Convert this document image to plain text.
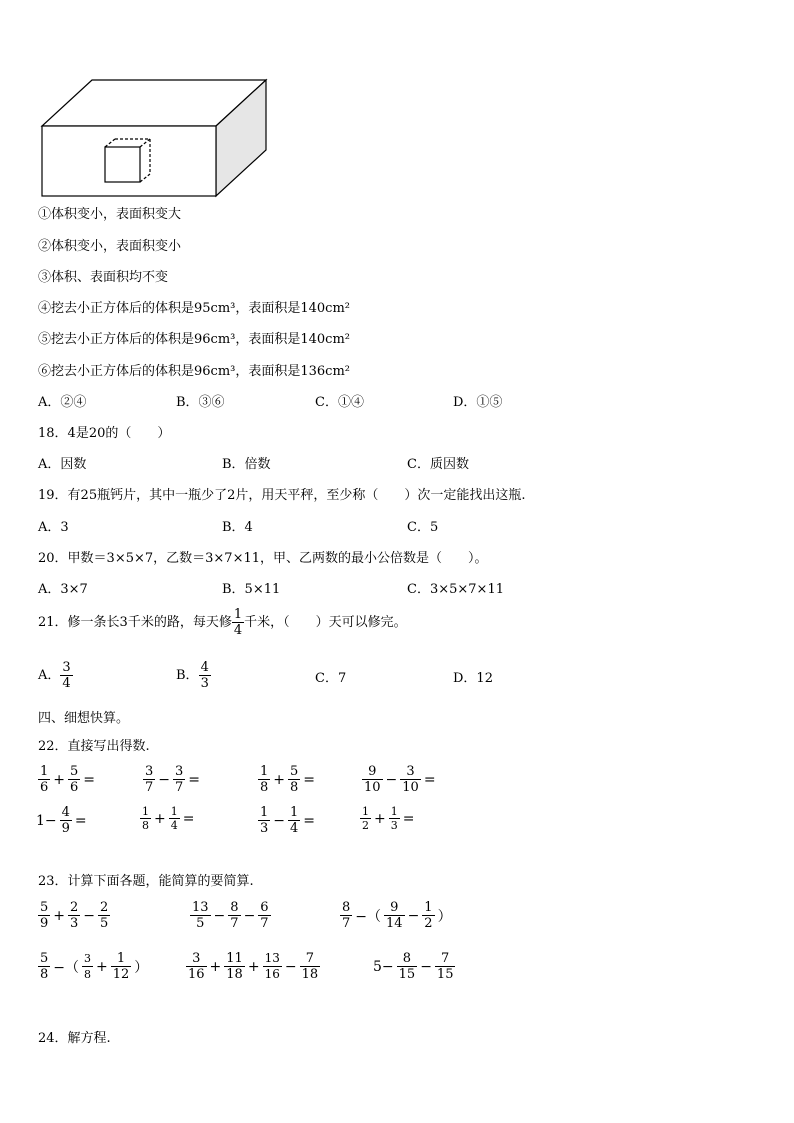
①体积变小，表面积变大
②体积变小，表面积变小
③体积、表面积均不变
④挖去小正方体后的体积是95cm³，表面积是140cm²
⑤挖去小正方体后的体积是96cm³，表面积是140cm²
⑥挖去小正方体后的体积是96cm³，表面积是136cm²
A．②④	B．③⑥	C．①④	D．①⑤
18．4是20的（　　）
A．因数	B．倍数	C．质因数
19．有25瓶钙片，其中一瓶少了2片，用天平秤，至少称（　　）次一定能找出这瓶.
A．3	B．4	C．5
20．甲数＝3×5×7，乙数＝3×7×11，甲、乙两数的最小公倍数是（　　）。
A．3×7	B．5×11	C．3×5×7×11
21．修一条长3千米的路，每天修 $\frac{1}{4}$ 千米，（　　）天可以修完。
A． $\frac{3}{4}$	B． $\frac{4}{3}$	C．7	D．12
四、细想快算。
22．直接写出得数.
$\frac{1}{6} + \frac{5}{6}$ =	$\frac{3}{7} - \frac{3}{7}$ =	$\frac{1}{8} + \frac{5}{8}$ =	$\frac{9}{10} - \frac{3}{10}$ =
$1- \frac{4}{9}$ =	$\frac{1}{8} + \frac{1}{4}$ =	$\frac{1}{3} - \frac{1}{4}$ =	$\frac{1}{2} + \frac{1}{3}$ =
23．计算下面各题，能简算的要简算.
$\frac{5}{9} + \frac{2}{3} - \frac{2}{5}$	$\frac{13}{5} - \frac{8}{7} - \frac{6}{7}$	$\frac{8}{7}$ −（ $\frac{9}{14} - \frac{1}{2}$ ）
$\frac{5}{8}$ −（ $\frac{3}{8} + \frac{1}{12}$ ）	$\frac{3}{16} + \frac{11}{18} + \frac{13}{16} - \frac{7}{18}$	$5- \frac{8}{15} - \frac{7}{15}$
24．解方程.
